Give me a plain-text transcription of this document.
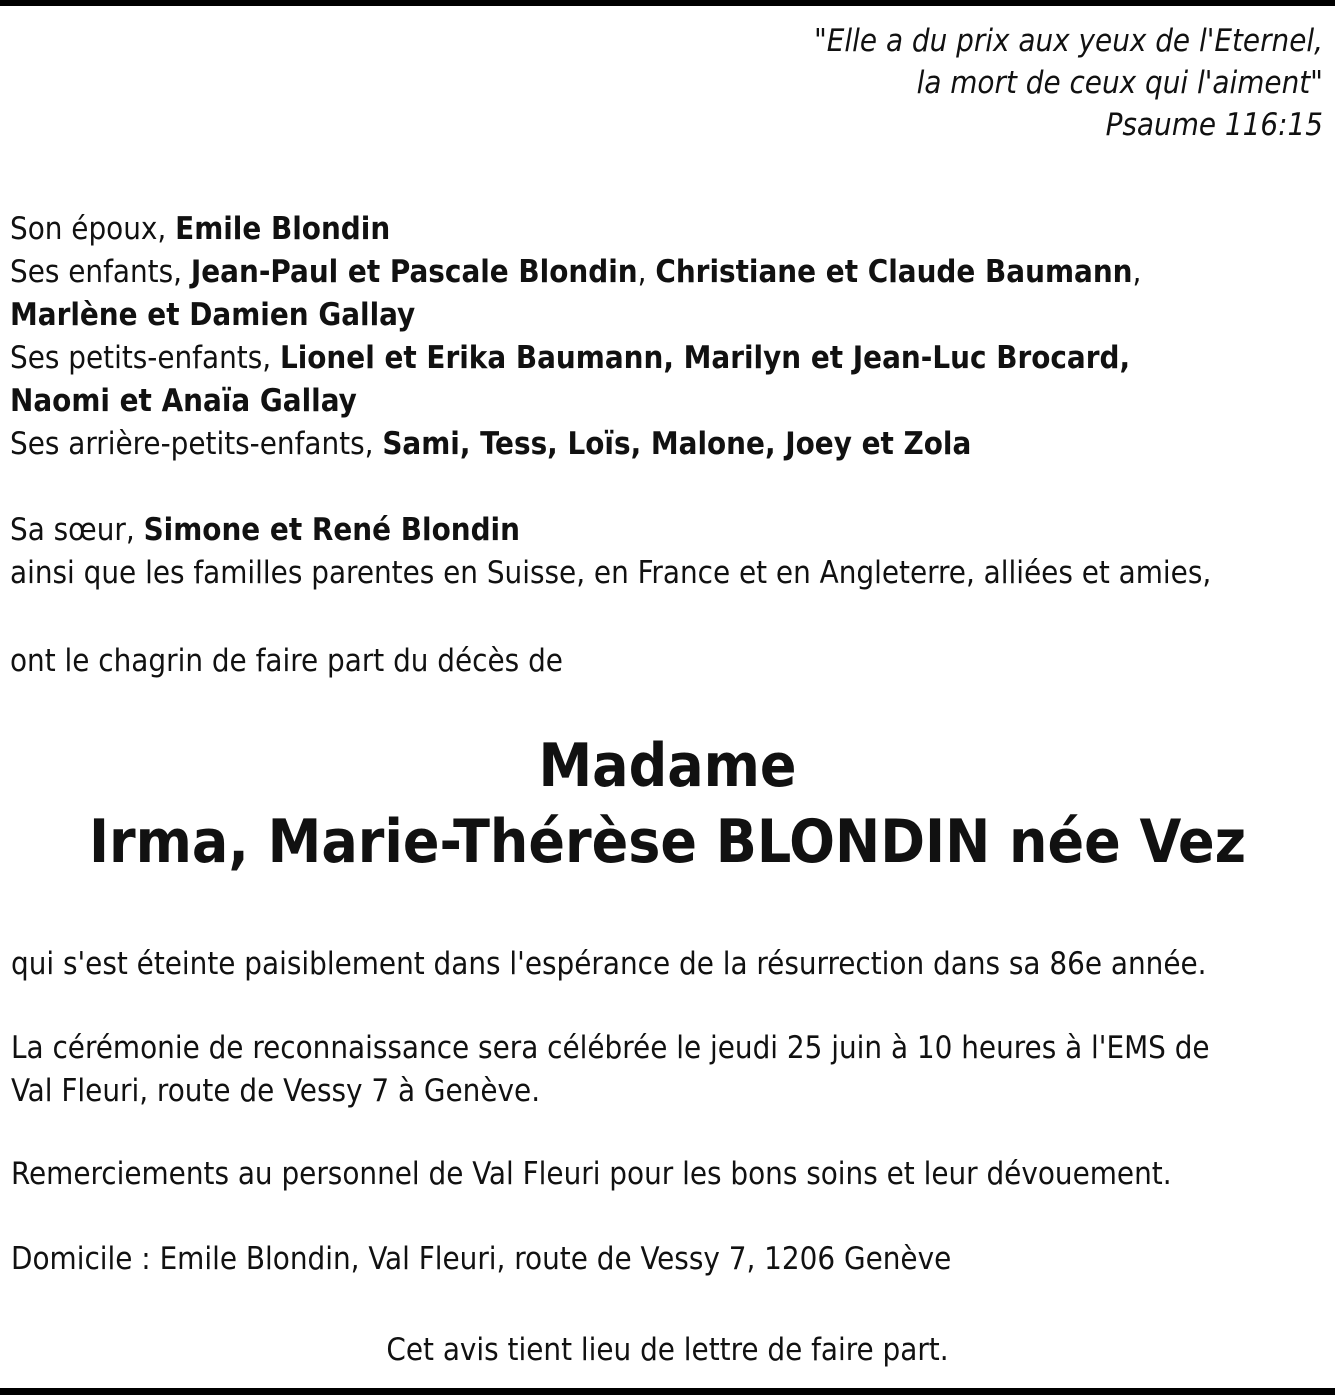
"Elle a du prix aux yeux de l'Eternel,
la mort de ceux qui l'aiment"
Psaume 116:15
Son époux, Emile Blondin
Ses enfants, Jean-Paul et Pascale Blondin, Christiane et Claude Baumann,
Marlène et Damien Gallay
Ses petits-enfants, Lionel et Erika Baumann, Marilyn et Jean-Luc Brocard,
Naomi et Anaïa Gallay
Ses arrière-petits-enfants, Sami, Tess, Loïs, Malone, Joey et Zola
Sa sœur, Simone et René Blondin
ainsi que les familles parentes en Suisse, en France et en Angleterre, alliées et amies,
ont le chagrin de faire part du décès de
Madame
Irma, Marie-Thérèse BLONDIN née Vez
qui s'est éteinte paisiblement dans l'espérance de la résurrection dans sa 86e année.
La cérémonie de reconnaissance sera célébrée le jeudi 25 juin à 10 heures à l'EMS de
Val Fleuri, route de Vessy 7 à Genève.
Remerciements au personnel de Val Fleuri pour les bons soins et leur dévouement.
Domicile : Emile Blondin, Val Fleuri, route de Vessy 7, 1206 Genève
Cet avis tient lieu de lettre de faire part.
